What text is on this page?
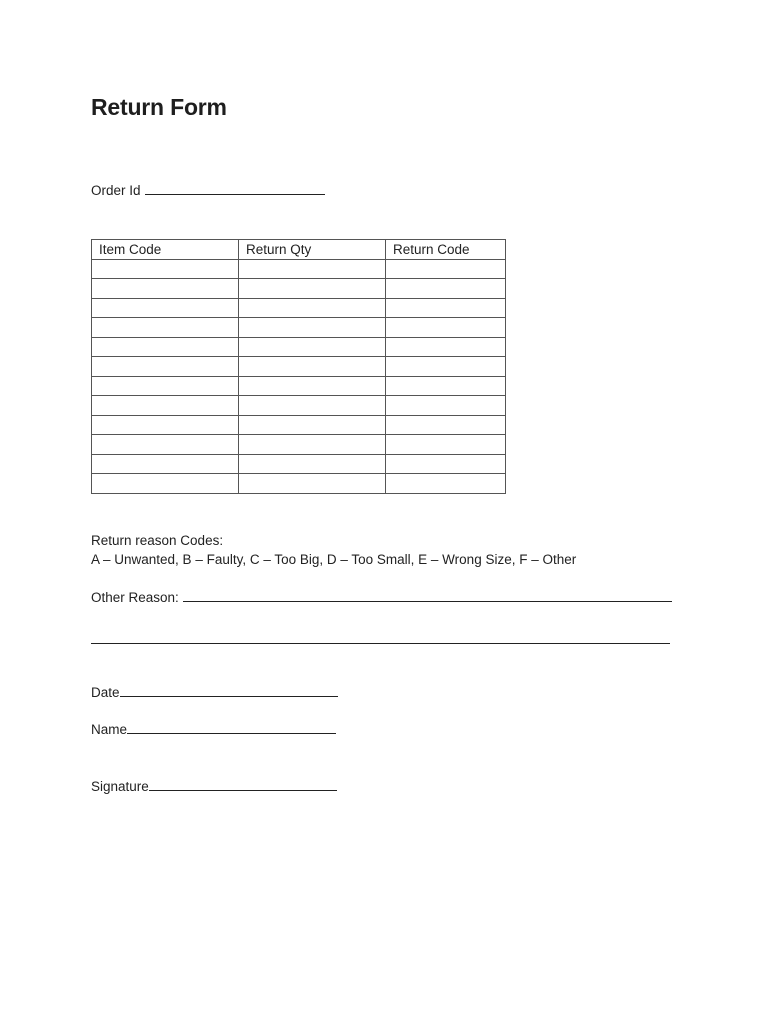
Return Form
Order Id
Item Code	Return Qty	Return Code

Return reason Codes:
A – Unwanted, B – Faulty, C – Too Big, D – Too Small, E – Wrong Size, F – Other
Other Reason:
Date
Name
Signature
